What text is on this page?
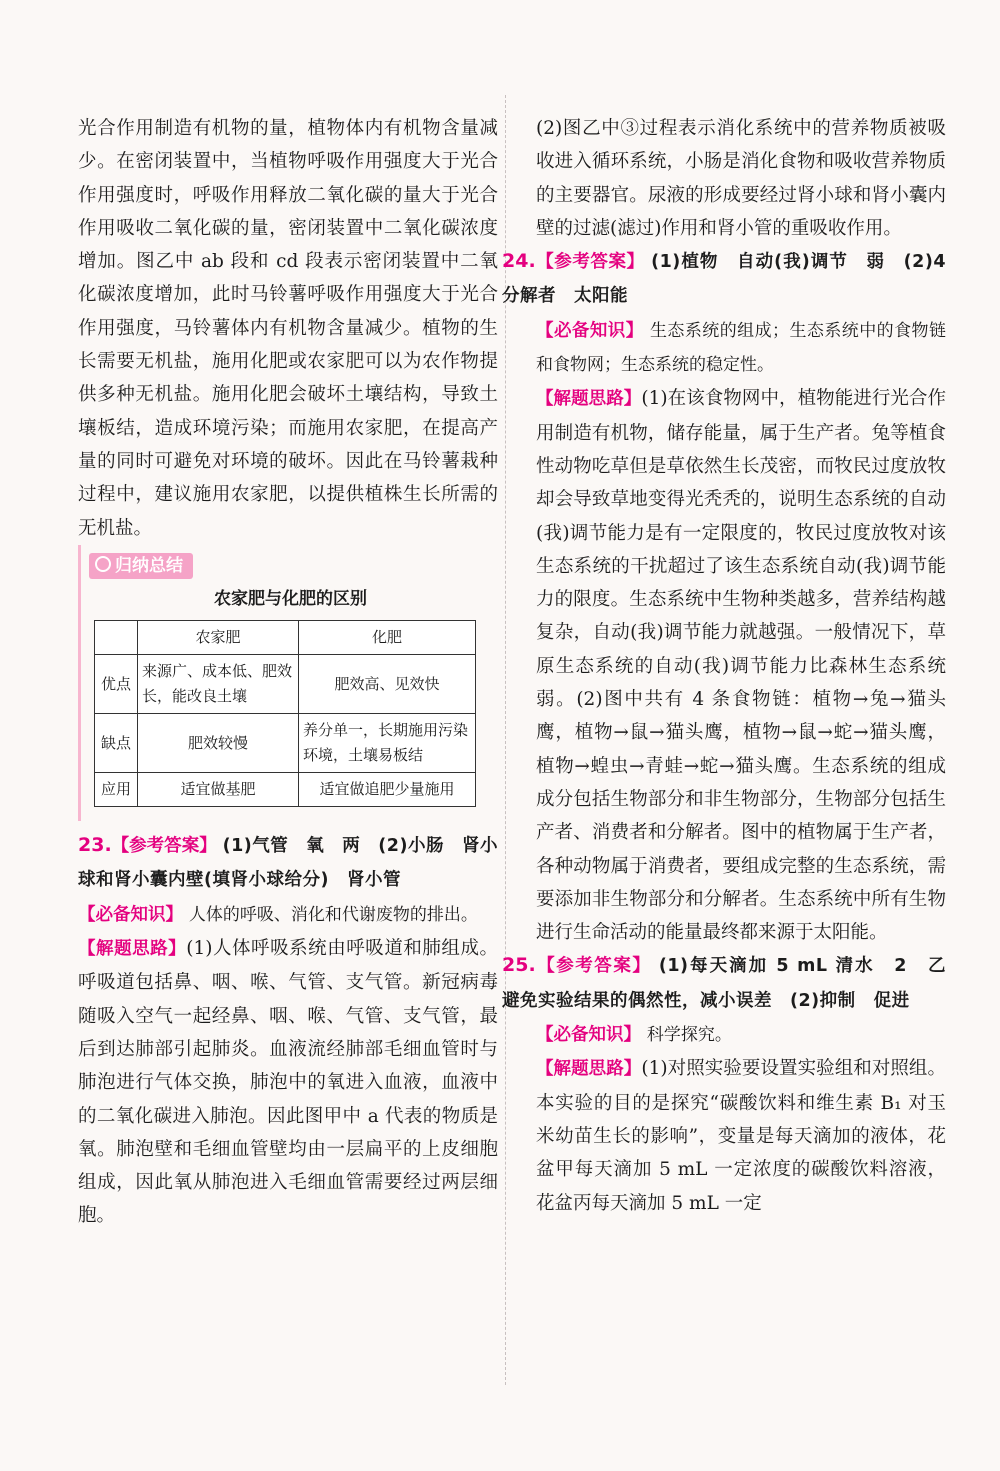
光合作用制造有机物的量，植物体内有机物含量减少。在密闭装置中，当植物呼吸作用强度大于光合作用强度时，呼吸作用释放二氧化碳的量大于光合作用吸收二氧化碳的量，密闭装置中二氧化碳浓度增加。图乙中 ab 段和 cd 段表示密闭装置中二氧化碳浓度增加，此时马铃薯呼吸作用强度大于光合作用强度，马铃薯体内有机物含量减少。植物的生长需要无机盐，施用化肥或农家肥可以为农作物提供多种无机盐。施用化肥会破坏土壤结构，导致土壤板结，造成环境污染；而施用农家肥，在提高产量的同时可避免对环境的破坏。因此在马铃薯栽种过程中，建议施用农家肥，以提供植株生长所需的无机盐。

归纳总结
农家肥与化肥的区别
	农家肥	化肥
优点	来源广、成本低、肥效长，能改良土壤	肥效高、见效快
缺点	肥效较慢	养分单一，长期施用污染环境，土壤易板结
应用	适宜做基肥	适宜做追肥少量施用

23.【参考答案】 (1)气管　氧　两　(2)小肠　肾小球和肾小囊内壁(填肾小球给分)　肾小管

【必备知识】 人体的呼吸、消化和代谢废物的排出。

【解题思路】(1)人体呼吸系统由呼吸道和肺组成。呼吸道包括鼻、咽、喉、气管、支气管。新冠病毒随吸入空气一起经鼻、咽、喉、气管、支气管，最后到达肺部引起肺炎。血液流经肺部毛细血管时与肺泡进行气体交换，肺泡中的氧进入血液，血液中的二氧化碳进入肺泡。因此图甲中 a 代表的物质是氧。肺泡壁和毛细血管壁均由一层扁平的上皮细胞组成，因此氧从肺泡进入毛细血管需要经过两层细胞。

(2)图乙中③过程表示消化系统中的营养物质被吸收进入循环系统，小肠是消化食物和吸收营养物质的主要器官。尿液的形成要经过肾小球和肾小囊内壁的过滤(滤过)作用和肾小管的重吸收作用。

24.【参考答案】 (1)植物　自动(我)调节　弱　(2)4　分解者　太阳能

【必备知识】 生态系统的组成；生态系统中的食物链和食物网；生态系统的稳定性。

【解题思路】(1)在该食物网中，植物能进行光合作用制造有机物，储存能量，属于生产者。兔等植食性动物吃草但是草依然生长茂密，而牧民过度放牧却会导致草地变得光秃秃的，说明生态系统的自动(我)调节能力是有一定限度的，牧民过度放牧对该生态系统的干扰超过了该生态系统自动(我)调节能力的限度。生态系统中生物种类越多，营养结构越复杂，自动(我)调节能力就越强。一般情况下，草原生态系统的自动(我)调节能力比森林生态系统弱。(2)图中共有 4 条食物链：植物→兔→猫头鹰，植物→鼠→猫头鹰，植物→鼠→蛇→猫头鹰，植物→蝗虫→青蛙→蛇→猫头鹰。生态系统的组成成分包括生物部分和非生物部分，生物部分包括生产者、消费者和分解者。图中的植物属于生产者，各种动物属于消费者，要组成完整的生态系统，需要添加非生物部分和分解者。生态系统中所有生物进行生命活动的能量最终都来源于太阳能。

25.【参考答案】 (1)每天滴加 5 mL 清水　2　乙　避免实验结果的偶然性，减小误差　(2)抑制　促进

【必备知识】 科学探究。

【解题思路】(1)对照实验要设置实验组和对照组。本实验的目的是探究“碳酸饮料和维生素 B₁ 对玉米幼苗生长的影响”，变量是每天滴加的液体，花盆甲每天滴加 5 mL 一定浓度的碳酸饮料溶液，花盆丙每天滴加 5 mL 一定
